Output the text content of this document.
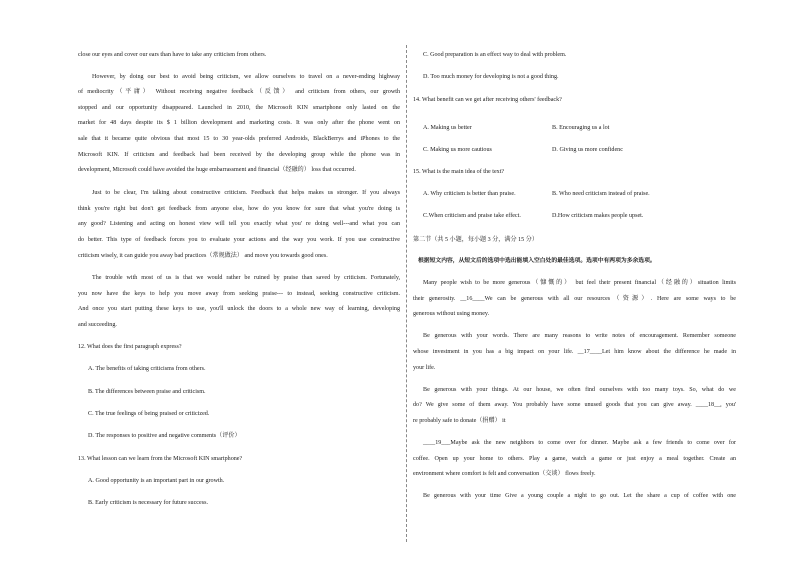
close our eyes and cover our ears than have to take any criticism from others.
However, by doing our best to avoid being criticism, we allow ourselves to travel on a never-ending highway
of mediocrity（平庸） Without receiving negative feedback（反馈） and criticism from others, our growth
stopped and our opportunity disappeared. Launched in 2010, the Microsoft KIN smartphone only lasted on the
market for 48 days despite its $ 1 billion development and marketing costs. It was only after the phone went on
sale that it became quite obvious that most 15 to 30 year-olds preferred Androids, BlackBerrys and iPhones to the
Microsoft KIN. If criticism and feedback had been received by the developing group while the phone was in
development, Microsoft could have avoided the huge embarrassment and financial（经融的） loss that occurred.
Just to be clear, I'm talking about constructive criticism. Feedback that helps makes us stronger. If you always
think you're right but don't get feedback from anyone else, how do you know for sure that what you're doing is
any good? Listening and acting on honest view will tell you exactly what you' re doing well---and what you can
do better. This type of feedback forces you to evaluate your actions and the way you work. If you use constructive
criticism wisely, it can guide you away bad practices（常规做法） and move you towards good ones.
The trouble with most of us is that we would rather be ruined by praise than saved by criticism. Fortunately,
you now have the keys to help you move away from seeking praise--- to instead, seeking constructive criticism.
And once you start putting these keys to use, you'll unlock the doors to a whole new way of learning, developing
and succeeding.
12. What does the first paragraph express?
A. The benefits of taking criticisms from others.
B. The differences between praise and criticism.
C. The true feelings of being praised or criticized.
D. The responses to positive and negative comments（评价）
13. What lesson can we learn from the Microsoft KIN smartphone?
A. Good opportunity is an important part in our growth.
B. Early criticism is necessary for future success.
C. Good preparation is an effect way to deal with problem.
D. Too much money for developing is not a good thing.
14. What benefit can we get after receiving others' feedback?
A. Making us better	B. Encouraging us a lot
C. Making us more cautious	D. Giving us more confidenc
15. What is the main idea of the text?
A. Why criticism is better than praise.	B. Who need criticism instead of praise.
C.When criticism and praise take effect.	D.How criticism makes people upset.
第二节（共 5 小题，每小题 3 分，满分 15 分）
根据短文内容，从短文后的选项中选出能填入空白处的最佳选项。选项中有两项为多余选项。
Many people wish to be more generous（慷慨的） but feel their present financial（经融的）situation limits
their generosity. __16____We can be generous with all our resources（资源）. Here are some ways to be
generous without using money.
Be generous with your words. There are many reasons to write notes of encouragement. Remember someone
whose investment in you has a big impact on your life. __17____Let him know about the difference he made in
your life.
Be generous with your things. At our house, we often find ourselves with too many toys. So, what do we
do? We give some of them away. You probably have some unused goods that you can give away. ____18__, you'
re probably safe to donate（捐赠） it
____19___Maybe ask the new neighbors to come over for dinner. Maybe ask a few friends to come over for
coffee. Open up your home to others. Play a game, watch a game or just enjoy a meal together. Create an
environment where comfort is felt and conversation（交谈） flows freely.
Be generous with your time Give a young couple a night to go out. Let the share a cup of coffee with one
